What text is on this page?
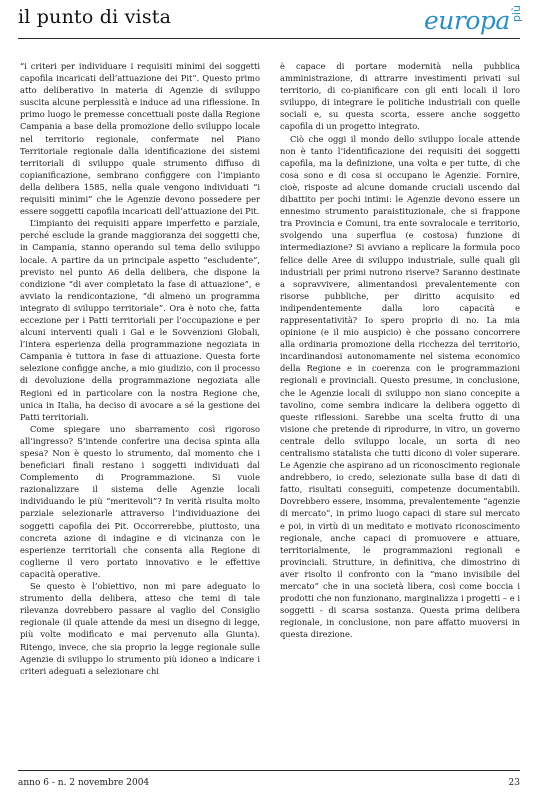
il punto di vista	europa più

“i criteri per individuare i requisiti minimi dei soggetti capofila incaricati dell’attuazione dei Pit”. Questo primo atto deliberativo in materia di Agenzie di sviluppo suscita alcune perplessità e induce ad una riflessione. In primo luogo le premesse concettuali poste dalla Regione Campania a base della promozione dello sviluppo locale nel territorio regionale, confermate nel Piano Territoriale regionale dalla identificazione dei sistemi territoriali di sviluppo quale strumento diffuso di copianificazione, sembrano configgere con l’impianto della delibera 1585, nella quale vengono individuati “i requisiti minimi” che le Agenzie devono possedere per essere soggetti capofila incaricati dell’attuazione dei Pit.

L’impianto dei requisiti appare imperfetto e parziale, perché esclude la grande maggioranza dei soggetti che, in Campania, stanno operando sul tema dello sviluppo locale. A partire da un principale aspetto “escludente”, previsto nel punto A6 della delibera, che dispone la condizione “di aver completato la fase di attuazione”, e avviato la rendicontazione, “di almeno un programma integrato di sviluppo territoriale”. Ora è noto che, fatta eccezione per i Patti territoriali per l’occupazione e per alcuni interventi quali i Gal e le Sovvenzioni Globali, l’intera esperienza della programmazione negoziata in Campania è tuttora in fase di attuazione. Questa forte selezione configge anche, a mio giudizio, con il processo di devoluzione della programmazione negoziata alle Regioni ed in particolare con la nostra Regione che, unica in Italia, ha deciso di avocare a sé la gestione dei Patti territoriali.

Come spiegare uno sbarramento così rigoroso all’ingresso? S’intende conferire una decisa spinta alla spesa? Non è questo lo strumento, dal momento che i beneficiari finali restano i soggetti individuati dal Complemento di Programmazione. Si vuole razionalizzare il sistema delle Agenzie locali individuando le più “meritevoli”? In verità risulta molto parziale selezionarle attraverso l’individuazione dei soggetti capofila dei Pit. Occorrerebbe, piuttosto, una concreta azione di indagine e di vicinanza con le esperienze territoriali che consenta alla Regione di coglierne il vero portato innovativo e le effettive capacità operative.

Se questo è l’obiettivo, non mi pare adeguato lo strumento della delibera, atteso che temi di tale rilevanza dovrebbero passare al vaglio del Consiglio regionale (il quale attende da mesi un disegno di legge, più volte modificato e mai pervenuto alla Giunta). Ritengo, invece, che sia proprio la legge regionale sulle Agenzie di sviluppo lo strumento più idoneo a indicare i criteri adeguati a selezionare chi

è capace di portare modernità nella pubblica amministrazione, di attrarre investimenti privati sul territorio, di co-pianificare con gli enti locali il loro sviluppo, di integrare le politiche industriali con quelle sociali e, su questa scorta, essere anche soggetto capofila di un progetto integrato.

Ciò che oggi il mondo dello sviluppo locale attende non è tanto l’identificazione dei requisiti dei soggetti capofila, ma la definizione, una volta e per tutte, di che cosa sono e di cosa si occupano le Agenzie. Fornire, cioè, risposte ad alcune domande cruciali uscendo dal dibattito per pochi intimi: le Agenzie devono essere un ennesimo strumento paraistituzionale, che si frappone tra Provincia e Comuni, tra ente sovralocale e territorio, svolgendo una superflua (e costosa) funzione di intermediazione? Si avviano a replicare la formula poco felice delle Aree di sviluppo industriale, sulle quali gli industriali per primi nutrono riserve? Saranno destinate a sopravvivere, alimentandosi prevalentemente con risorse pubbliche, per diritto acquisito ed indipendentemente dalla loro capacità e rappresentatività? Io spero proprio di no. La mia opinione (e il mio auspicio) è che possano concorrere alla ordinaria promozione della ricchezza del territorio, incardinandosi autonomamente nel sistema economico della Regione e in coerenza con le programmazioni regionali e provinciali. Questo presume, in conclusione, che le Agenzie locali di sviluppo non siano concepite a tavolino, come sembra indicare la delibera oggetto di queste riflessioni. Sarebbe una scelta frutto di una visione che pretende di riprodurre, in vitro, un governo centrale dello sviluppo locale, un sorta di neo centralismo statalista che tutti dicono di voler superare. Le Agenzie che aspirano ad un riconoscimento regionale andrebbero, io credo, selezionate sulla base di dati di fatto, risultati conseguiti, competenze documentabili. Dovrebbero essere, insomma, prevalentemente “agenzie di mercato”, in primo luogo capaci di stare sul mercato e poi, in virtù di un meditato e motivato riconoscimento regionale, anche capaci di promuovere e attuare, territorialmente, le programmazioni regionali e provinciali. Strutture, in definitiva, che dimostrino di aver risolto il confronto con la “mano invisibile del mercato” che in una società libera, così come boccia i prodotti che non funzionano, marginalizza i progetti – e i soggetti - di scarsa sostanza. Questa prima delibera regionale, in conclusione, non pare affatto muoversi in questa direzione.

anno 6 - n. 2 novembre 2004	23
